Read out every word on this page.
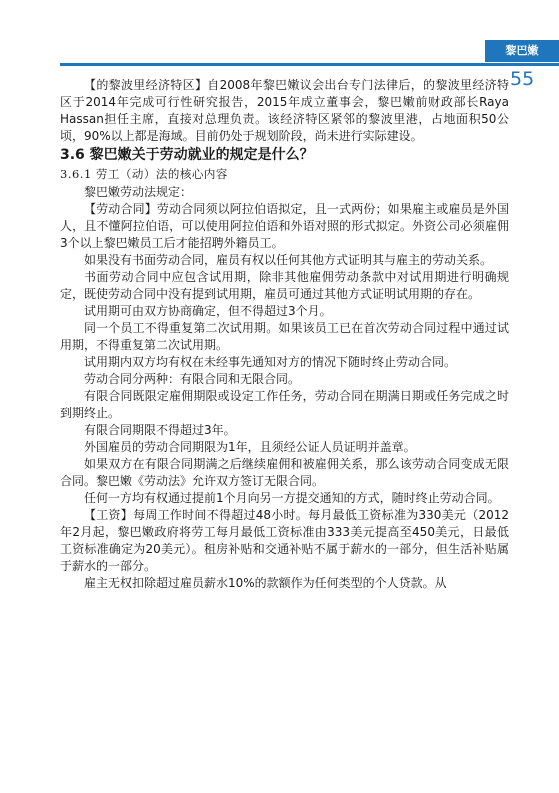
黎巴嫩
55

【的黎波里经济特区】自2008年黎巴嫩议会出台专门法律后，的黎波里经济特区于2014年完成可行性研究报告，2015年成立董事会，黎巴嫩前财政部长Raya Hassan担任主席，直接对总理负责。该经济特区紧邻的黎波里港，占地面积50公顷，90%以上都是海域。目前仍处于规划阶段，尚未进行实际建设。

3.6 黎巴嫩关于劳动就业的规定是什么？

3.6.1 劳工（动）法的核心内容

黎巴嫩劳动法规定：

【劳动合同】劳动合同须以阿拉伯语拟定，且一式两份；如果雇主或雇员是外国人，且不懂阿拉伯语，可以使用阿拉伯语和外语对照的形式拟定。外资公司必须雇佣3个以上黎巴嫩员工后才能招聘外籍员工。

如果没有书面劳动合同，雇员有权以任何其他方式证明其与雇主的劳动关系。

书面劳动合同中应包含试用期，除非其他雇佣劳动条款中对试用期进行明确规定，既使劳动合同中没有提到试用期，雇员可通过其他方式证明试用期的存在。

试用期可由双方协商确定，但不得超过3个月。

同一个员工不得重复第二次试用期。如果该员工已在首次劳动合同过程中通过试用期，不得重复第二次试用期。

试用期内双方均有权在未经事先通知对方的情况下随时终止劳动合同。

劳动合同分两种：有限合同和无限合同。

有限合同既限定雇佣期限或设定工作任务，劳动合同在期满日期或任务完成之时到期终止。

有限合同期限不得超过3年。

外国雇员的劳动合同期限为1年，且须经公证人员证明并盖章。

如果双方在有限合同期满之后继续雇佣和被雇佣关系，那么该劳动合同变成无限合同。黎巴嫩《劳动法》允许双方签订无限合同。

任何一方均有权通过提前1个月向另一方提交通知的方式，随时终止劳动合同。

【工资】每周工作时间不得超过48小时。每月最低工资标准为330美元（2012年2月起，黎巴嫩政府将劳工每月最低工资标准由333美元提高至450美元，日最低工资标准确定为20美元）。租房补贴和交通补贴不属于薪水的一部分，但生活补贴属于薪水的一部分。

雇主无权扣除超过雇员薪水10%的款额作为任何类型的个人贷款。从
